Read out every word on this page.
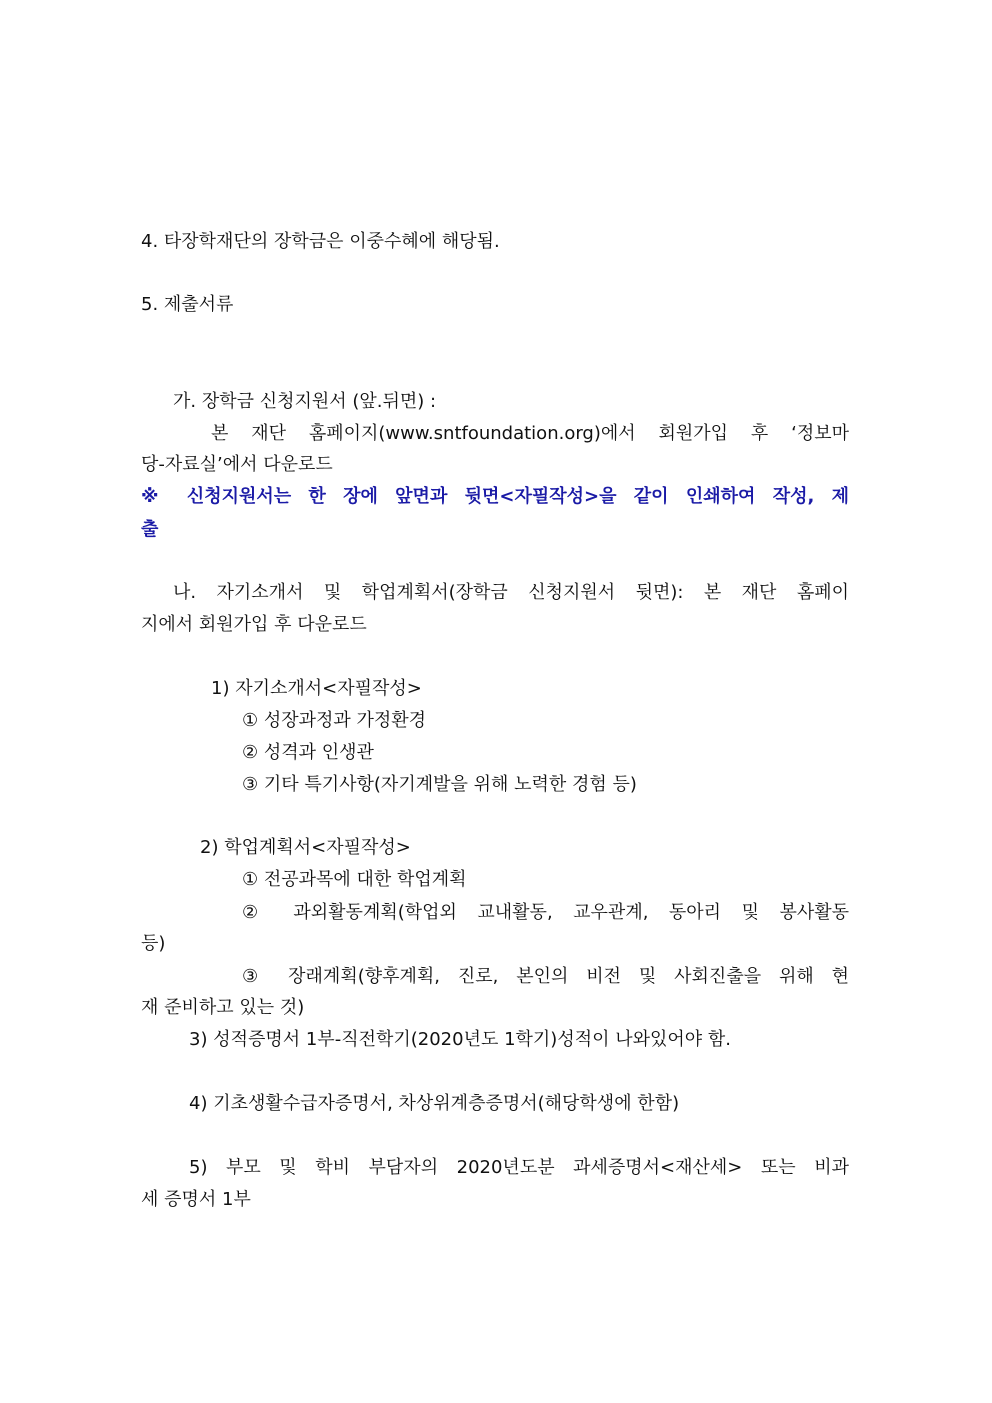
4. 타장학재단의 장학금은 이중수혜에 해당됨.
5. 제출서류
가. 장학금 신청지원서 (앞.뒤면) :
본 재단 홈페이지(www.sntfoundation.org)에서 회원가입 후 ‘정보마
당-자료실’에서 다운로드
※ 신청지원서는 한 장에 앞면과 뒷면<자필작성>을 같이 인쇄하여 작성, 제
출
나. 자기소개서 및 학업계획서(장학금 신청지원서 뒷면): 본 재단 홈페이
지에서 회원가입 후 다운로드
1) 자기소개서<자필작성>
① 성장과정과 가정환경
② 성격과 인생관
③ 기타 특기사항(자기계발을 위해 노력한 경험 등)
2) 학업계획서<자필작성>
① 전공과목에 대한 학업계획
② 과외활동계획(학업외 교내활동, 교우관계, 동아리 및 봉사활동
등)
③ 장래계획(향후계획, 진로, 본인의 비전 및 사회진출을 위해 현
재 준비하고 있는 것)
3) 성적증명서 1부-직전학기(2020년도 1학기)성적이 나와있어야 함.
4) 기초생활수급자증명서, 차상위계층증명서(해당학생에 한함)
5) 부모 및 학비 부담자의 2020년도분 과세증명서<재산세> 또는 비과
세 증명서 1부
